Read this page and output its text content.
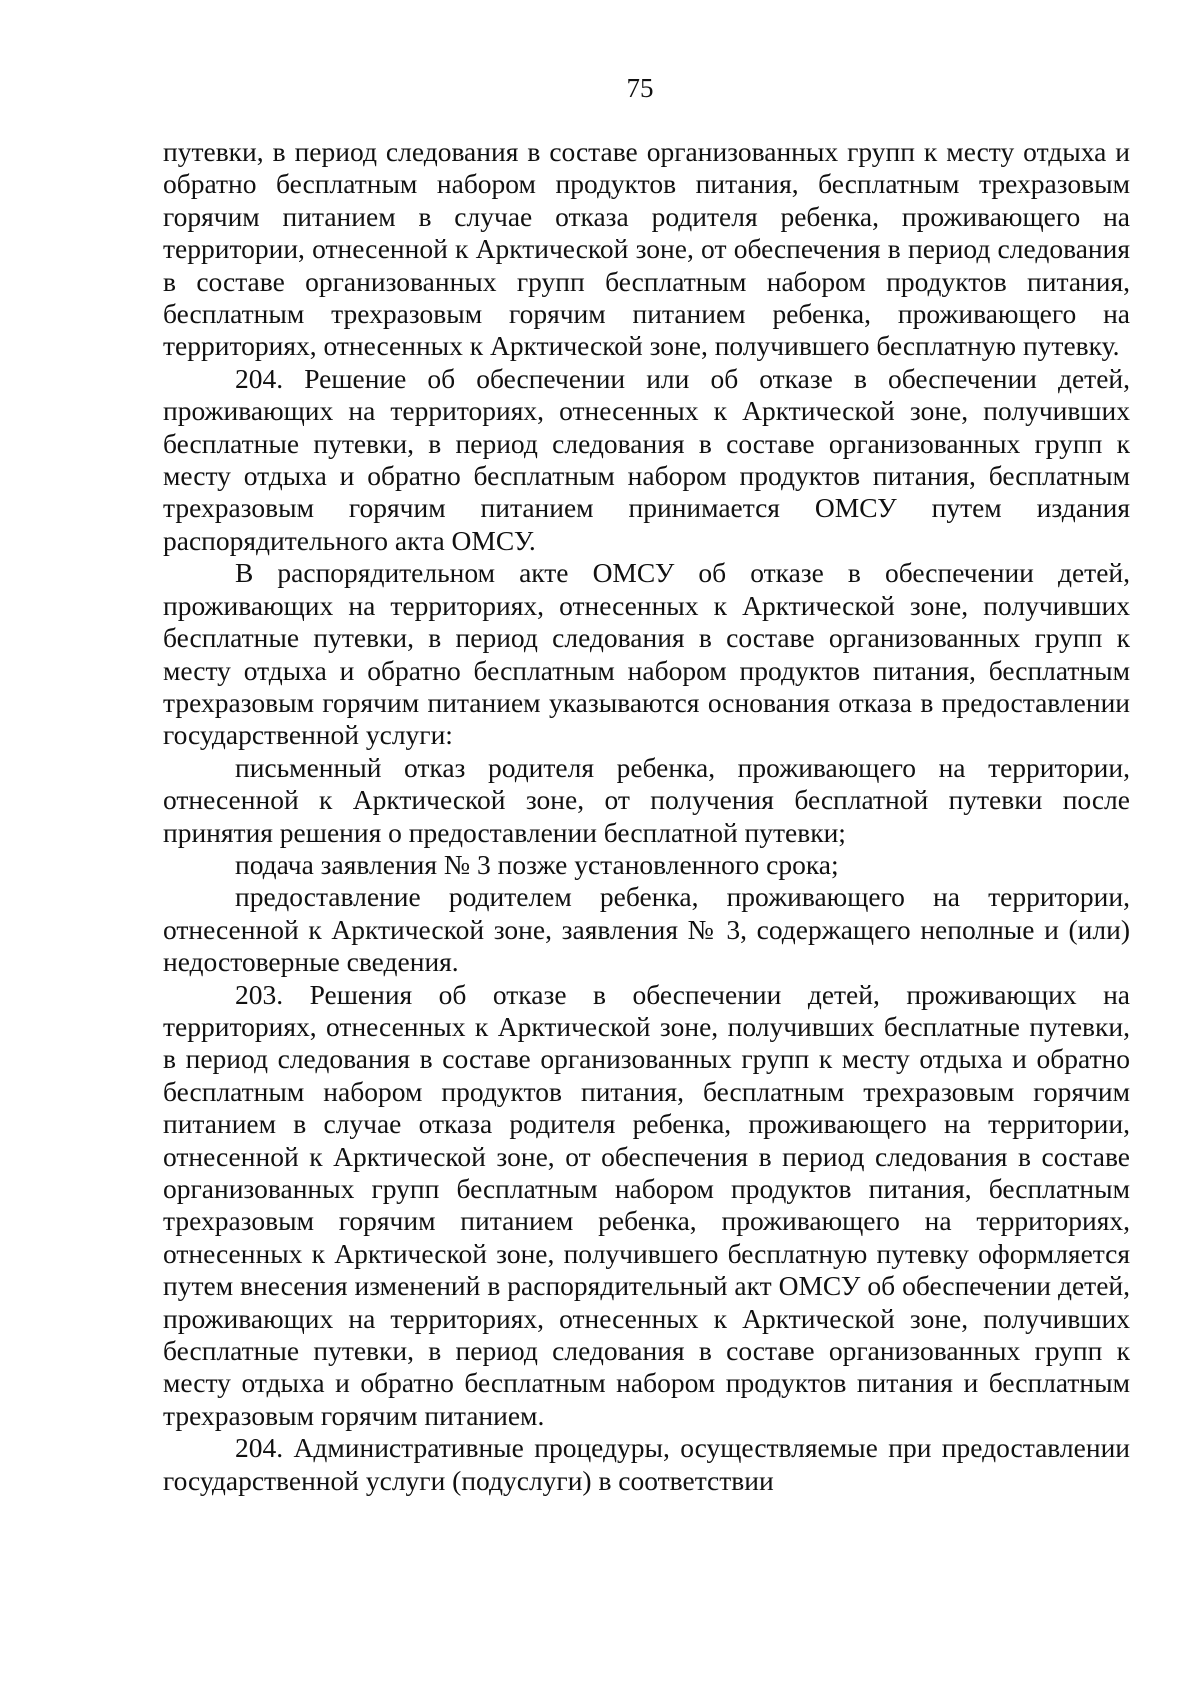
75

путевки, в период следования в составе организованных групп к месту отдыха и обратно бесплатным набором продуктов питания, бесплатным трехразовым горячим питанием в случае отказа родителя ребенка, проживающего на территории, отнесенной к Арктической зоне, от обеспечения в период следования в составе организованных групп бесплатным набором продуктов питания, бесплатным трехразовым горячим питанием ребенка, проживающего на территориях, отнесенных к Арктической зоне, получившего бесплатную путевку.

204. Решение об обеспечении или об отказе в обеспечении детей, проживающих на территориях, отнесенных к Арктической зоне, получивших бесплатные путевки, в период следования в составе организованных групп к месту отдыха и обратно бесплатным набором продуктов питания, бесплатным трехразовым горячим питанием принимается ОМСУ путем издания распорядительного акта ОМСУ.

В распорядительном акте ОМСУ об отказе в обеспечении детей, проживающих на территориях, отнесенных к Арктической зоне, получивших бесплатные путевки, в период следования в составе организованных групп к месту отдыха и обратно бесплатным набором продуктов питания, бесплатным трехразовым горячим питанием указываются основания отказа в предоставлении государственной услуги:

письменный отказ родителя ребенка, проживающего на территории, отнесенной к Арктической зоне, от получения бесплатной путевки после принятия решения о предоставлении бесплатной путевки;

подача заявления № 3 позже установленного срока;

предоставление родителем ребенка, проживающего на территории, отнесенной к Арктической зоне, заявления № 3, содержащего неполные и (или) недостоверные сведения.

203. Решения об отказе в обеспечении детей, проживающих на территориях, отнесенных к Арктической зоне, получивших бесплатные путевки, в период следования в составе организованных групп к месту отдыха и обратно бесплатным набором продуктов питания, бесплатным трехразовым горячим питанием в случае отказа родителя ребенка, проживающего на территории, отнесенной к Арктической зоне, от обеспечения в период следования в составе организованных групп бесплатным набором продуктов питания, бесплатным трехразовым горячим питанием ребенка, проживающего на территориях, отнесенных к Арктической зоне, получившего бесплатную путевку оформляется путем внесения изменений в распорядительный акт ОМСУ об обеспечении детей, проживающих на территориях, отнесенных к Арктической зоне, получивших бесплатные путевки, в период следования в составе организованных групп к месту отдыха и обратно бесплатным набором продуктов питания и бесплатным трехразовым горячим питанием.

204. Административные процедуры, осуществляемые при предоставлении государственной услуги (подуслуги) в соответствии
